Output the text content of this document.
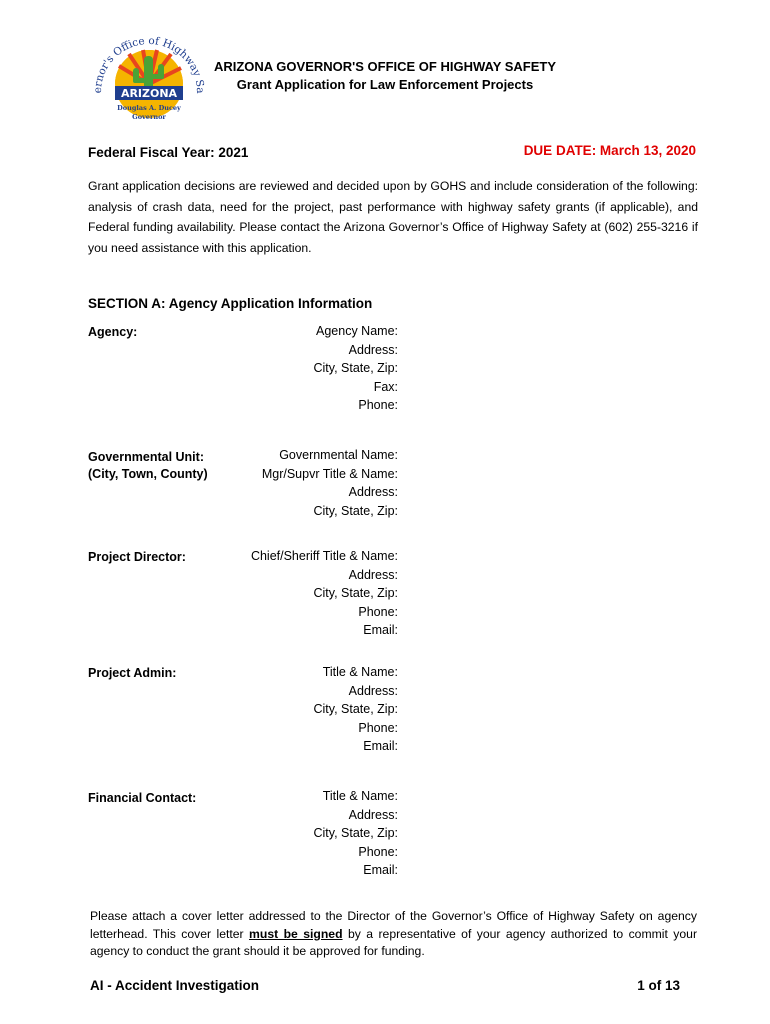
ernor's Office of Highway Sa
ARIZONA
Douglas A. Ducey
Governor
ARIZONA GOVERNOR'S OFFICE OF HIGHWAY SAFETY
Grant Application for Law Enforcement Projects
Federal Fiscal Year: 2021	DUE DATE: March 13, 2020
Grant application decisions are reviewed and decided upon by GOHS and include consideration of the following: analysis of crash data, need for the project, past performance with highway safety grants (if applicable), and Federal funding availability. Please contact the Arizona Governor’s Office of Highway Safety at (602) 255-3216 if you need assistance with this application.
SECTION A: Agency Application Information
Agency:	Agency Name:
Address:
City, State, Zip:
Fax:
Phone:
Governmental Unit:
(City, Town, County)
Governmental Name:
Mgr/Supvr Title & Name:
Address:
City, State, Zip:
Project Director:	Chief/Sheriff Title & Name:
Address:
City, State, Zip:
Phone:
Email:
Project Admin:	Title & Name:
Address:
City, State, Zip:
Phone:
Email:
Financial Contact:	Title & Name:
Address:
City, State, Zip:
Phone:
Email:
Please attach a cover letter addressed to the Director of the Governor’s Office of Highway Safety on agency letterhead. This cover letter must be signed by a representative of your agency authorized to commit your agency to conduct the grant should it be approved for funding.
AI - Accident Investigation	1 of 13
